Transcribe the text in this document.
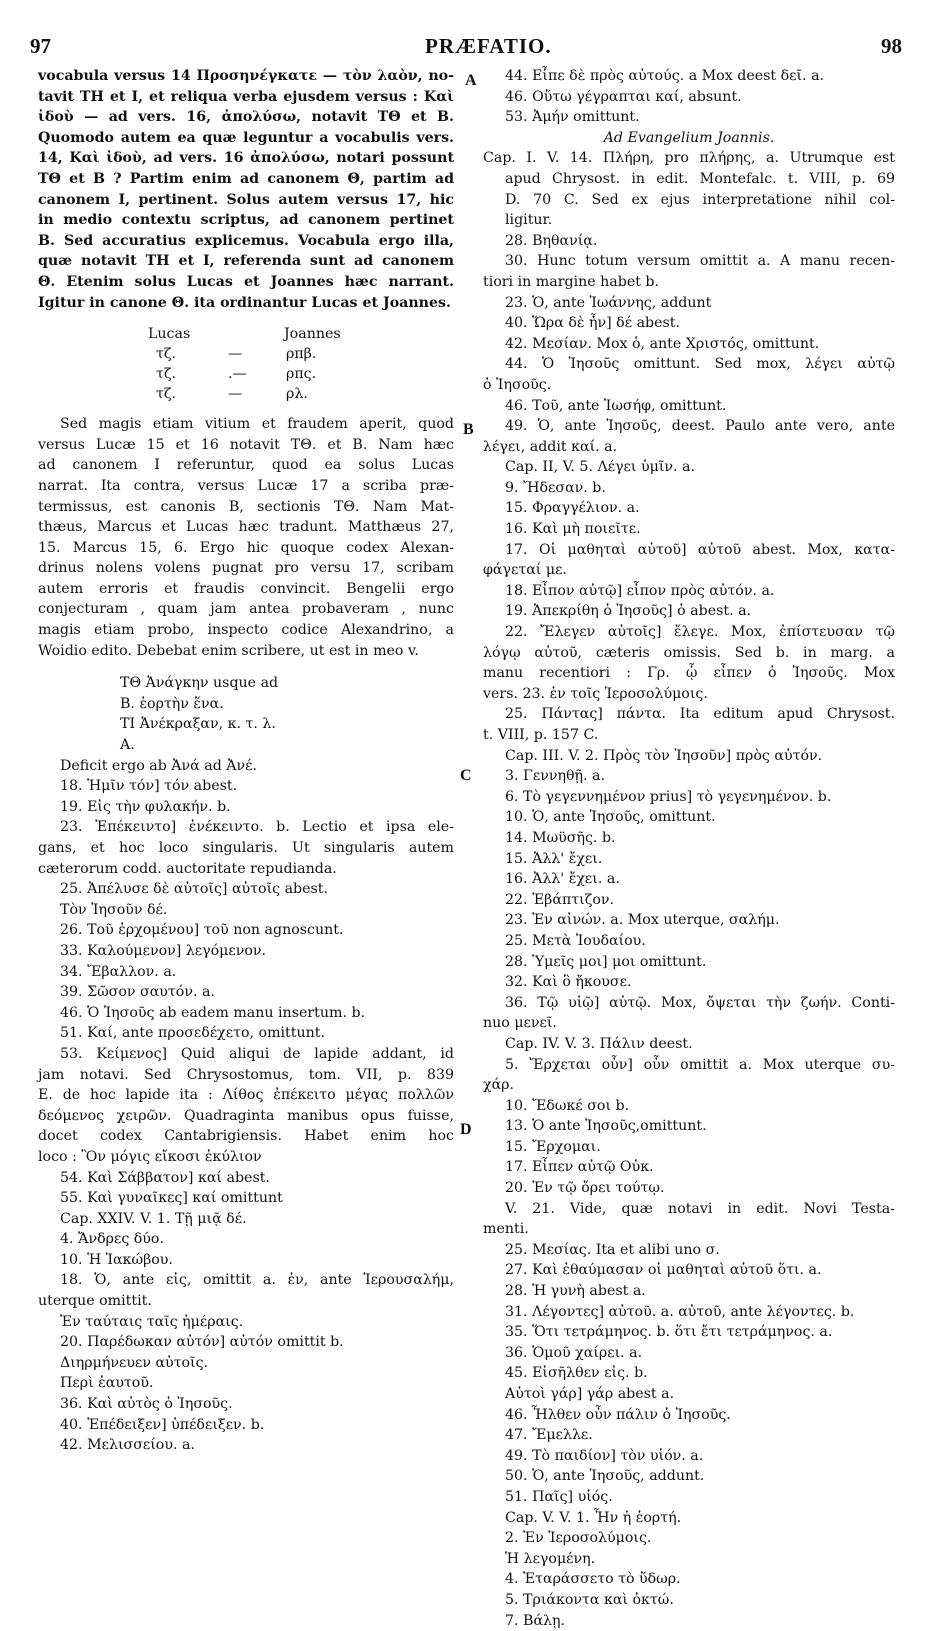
97	PRÆFATIO.	98
A
B
C
D

vocabula versus 14 Προσηνέγκατε — τὸν λαὸν, no-

tavit TH et I, et reliqua verba ejusdem versus : Καὶ

ἰδοὺ — ad vers. 16, ἀπολύσω, notavit TΘ et B.

Quomodo autem ea quæ leguntur a vocabulis vers.

14, Καὶ ἰδοὺ, ad vers. 16 ἀπολύσω, notari possunt

TΘ et B ? Partim enim ad canonem Θ, partim ad

canonem I, pertinent. Solus autem versus 17, hic

in medio contextu scriptus, ad canonem pertinet

B. Sed accuratius explicemus. Vocabula ergo illa,

quæ notavit TH et I, referenda sunt ad canonem

Θ. Etenim solus Lucas et Joannes hæc narrant.

Igitur in canone Θ. ita ordinantur Lucas et Joannes.

Lucas	Joannes
τζ.	—	ρπβ.
τζ.	.—	ρπς.
τζ.	—	ρλ.

Sed magis etiam vitium et fraudem aperit, quod

versus Lucæ 15 et 16 notavit TΘ. et B. Nam hæc

ad canonem I referuntur, quod ea solus Lucas

narrat. Ita contra, versus Lucæ 17 a scriba præ-

termissus, est canonis B, sectionis TΘ. Nam Mat-

thæus, Marcus et Lucas hæc tradunt. Matthæus 27,

15. Marcus 15, 6. Ergo hic quoque codex Alexan-

drinus nolens volens pugnat pro versu 17, scribam

autem erroris et fraudis convincit. Bengelii ergo

conjecturam , quam jam antea probaveram , nunc

magis etiam probo, inspecto codice Alexandrino, a

Woidio edito. Debebat enim scribere, ut est in meo v.

TΘ Ἀνάγκην usque ad

B. ἑορτὴν ἕνα.

TI Ἀνέκραξαν, κ. τ. λ.

A.

Deficit ergo ab Ἀνά ad Ἀνέ.

18. Ἡμῖν τόν] τόν abest.

19. Εἰς τὴν φυλακήν. b.

23. Ἐπέκειντο] ἐνέκειντο. b. Lectio et ipsa ele-

gans, et hoc loco singularis. Ut singularis autem

cæterorum codd. auctoritate repudianda.

25. Ἀπέλυσε δὲ αὐτοῖς] αὐτοῖς abest.

Τὸν Ἰησοῦν δέ.

26. Τοῦ ἐρχομένου] τοῦ non agnoscunt.

33. Καλούμενον] λεγόμενον.

34. Ἔβαλλον. a.

39. Σῶσον σαυτόν. a.

46. Ὁ Ἰησοῦς ab eadem manu insertum. b.

51. Καί, ante προσεδέχετο, omittunt.

53. Κείμενος] Quid aliqui de lapide addant, id

jam notavi. Sed Chrysostomus, tom. VII, p. 839

E. de hoc lapide ita : Λίθος ἐπέκειτο μέγας πολλῶν

δεόμενος χειρῶν. Quadraginta manibus opus fuisse,

docet codex Cantabrigiensis. Habet enim hoc

loco : Ὃν μόγις εἴκοσι ἐκύλιον

54. Καὶ Σάββατον] καί abest.

55. Καὶ γυναῖκες] καί omittunt

Cap. XXIV. V. 1. Τῇ μιᾷ δέ.

4. Ἄνδρες δύο.

10. Ἡ Ἰακώβου.

18. Ὁ, ante εἰς, omittit a. ἐν, ante Ἱερουσαλήμ,

uterque omittit.

Ἐν ταύταις ταῖς ἡμέραις.

20. Παρέδωκαν αὐτόν] αὐτόν omittit b.

Διηρμήνευεν αὐτοῖς.

Περὶ ἑαυτοῦ.

36. Καὶ αὐτὸς ὁ Ἰησοῦς.

40. Ἐπέδειξεν] ὑπέδειξεν. b.

42. Μελισσείου. a.

44. Εἶπε δὲ πρὸς αὐτούς. a Mox deest δεῖ. a.

46. Οὕτω γέγραπται καί, absunt.

53. Ἀμήν omittunt.

Ad Evangelium Joannis.

Cap. I. V. 14. Πλήρη, pro πλήρης, a. Utrumque est

apud Chrysost. in edit. Montefalc. t. VIII, p. 69

D. 70 C. Sed ex ejus interpretatione nihil col-

ligitur.

28. Βηθανίᾳ.

30. Hunc totum versum omittit a. A manu recen-

tiori in margine habet b.

23. Ὁ, ante Ἰωάννης, addunt

40. Ὥρα δὲ ἦν] δέ abest.

42. Μεσίαν. Mox ὁ, ante Χριστός, omittunt.

44. Ὁ Ἰησοῦς omittunt. Sed mox, λέγει αὐτῷ

ὁ Ἰησοῦς.

46. Τοῦ, ante Ἰωσήφ, omittunt.

49. Ὁ, ante Ἰησοῦς, deest. Paulo ante vero, ante

λέγει, addit καί. a.

Cap. II, V. 5. Λέγει ὑμῖν. a.

9. Ἤδεσαν. b.

15. Φραγγέλιον. a.

16. Καὶ μὴ ποιεῖτε.

17. Οἱ μαθηταὶ αὐτοῦ] αὐτοῦ abest. Mox, κατα-

φάγεταί με.

18. Εἶπον αὐτῷ] εἶπον πρὸς αὐτόν. a.

19. Ἀπεκρίθη ὁ Ἰησοῦς] ὁ abest. a.

22. Ἔλεγεν αὐτοῖς] ἔλεγε. Mox, ἐπίστευσαν τῷ

λόγῳ αὐτοῦ, cæteris omissis. Sed b. in marg. a

manu recentiori : Γρ. ᾧ εἶπεν ὁ Ἰησοῦς. Mox

vers. 23. ἐν τοῖς Ἱεροσολύμοις.

25. Πάντας] πάντα. Ita editum apud Chrysost.

t. VIII, p. 157 C.

Cap. III. V. 2. Πρὸς τὸν Ἰησοῦν] πρὸς αὐτόν.

3. Γεννηθῇ. a.

6. Τὸ γεγεννημένον prius] τὸ γεγενημένον. b.

10. Ὁ, ante Ἰησοῦς, omittunt.

14. Μωϋσῆς. b.

15. Ἀλλ' ἔχει.

16. Ἀλλ' ἔχει. a.

22. Ἐβάπτιζον.

23. Ἐν αἰνών. a. Mox uterque, σαλήμ.

25. Μετὰ Ἰουδαίου.

28. Ὑμεῖς μοι] μοι omittunt.

32. Καὶ ὃ ἤκουσε.

36. Τῷ υἱῷ] αὐτῷ. Mox, ὄψεται τὴν ζωήν. Conti-

nuo μενεῖ.

Cap. IV. V. 3. Πάλιν deest.

5. Ἔρχεται οὖν] οὖν omittit a. Mox uterque συ-

χάρ.

10. Ἔδωκέ σοι b.

13. Ὁ ante Ἰησοῦς,omittunt.

15. Ἔρχομαι.

17. Εἶπεν αὐτῷ Οὐκ.

20. Ἐν τῷ ὄρει τούτῳ.

V. 21. Vide, quæ notavi in edit. Novi Testa-

menti.

25. Μεσίας. Ita et alibi uno σ.

27. Καὶ ἐθαύμασαν οἱ μαθηταὶ αὐτοῦ ὅτι. a.

28. Ἡ γυνὴ abest a.

31. Λέγοντες] αὐτοῦ. a. αὐτοῦ, ante λέγοντες. b.

35. Ὅτι τετράμηνος. b. ὅτι ἔτι τετράμηνος. a.

36. Ὁμοῦ χαίρει. a.

45. Εἰσῆλθεν εἰς. b.

Αὐτοὶ γάρ] γάρ abest a.

46. Ἦλθεν οὖν πάλιν ὁ Ἰησοῦς.

47. Ἔμελλε.

49. Τὸ παιδίον] τὸν υἱόν. a.

50. Ὁ, ante Ἰησοῦς, addunt.

51. Παῖς] υἱός.

Cap. V. V. 1. Ἦν ἡ ἑορτή.

2. Ἐν Ἱεροσολύμοις.

Ἡ λεγομένη.

4. Ἐταράσσετο τὸ ὕδωρ.

5. Τριάκοντα καὶ ὀκτώ.

7. Βάλῃ.
